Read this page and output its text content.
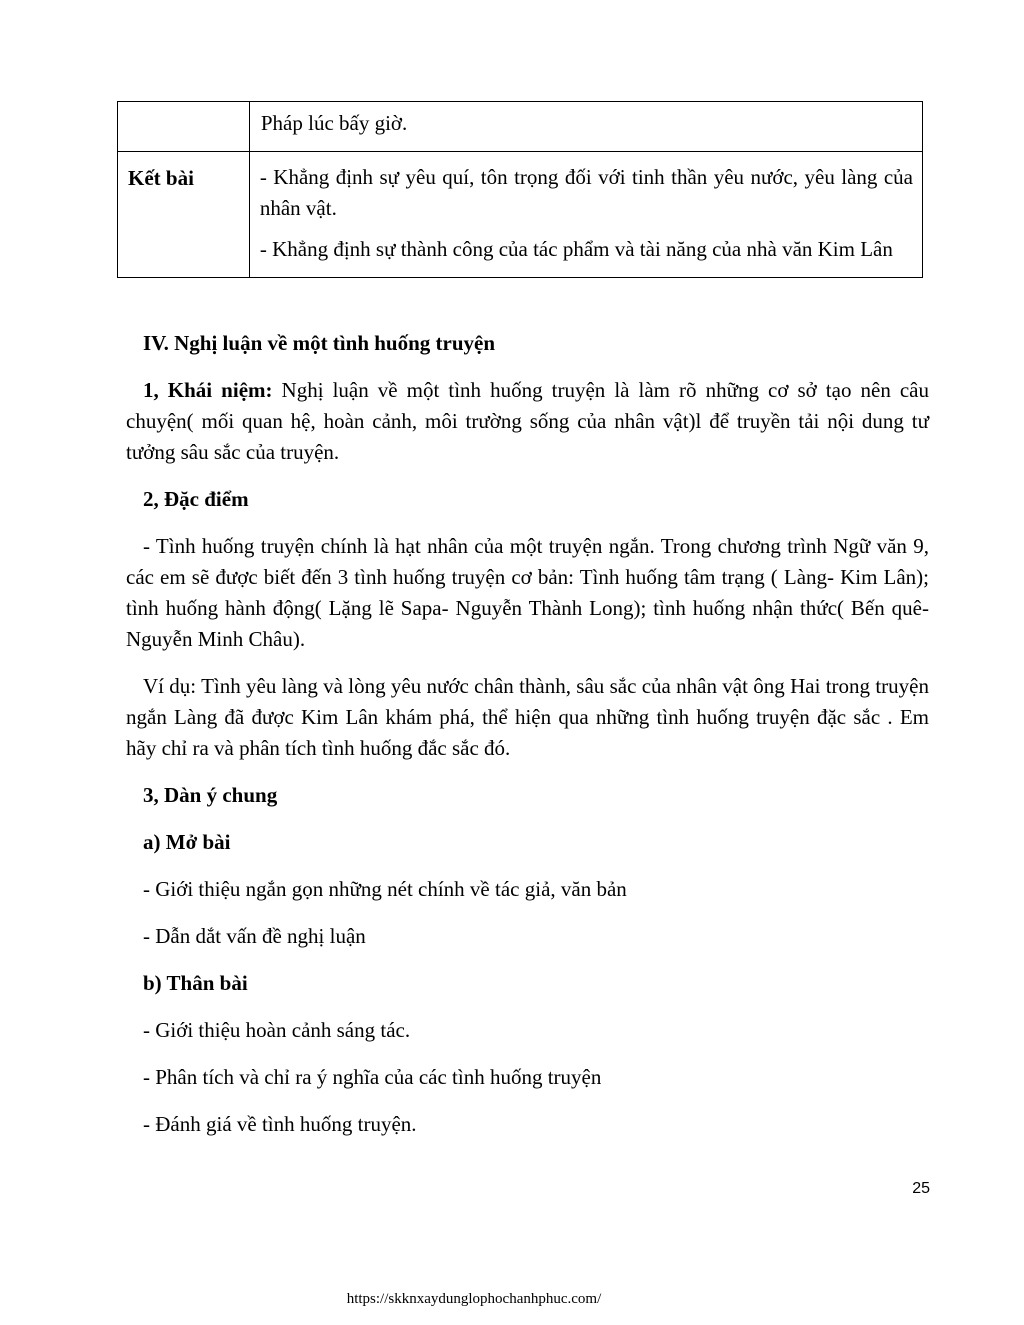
	Pháp lúc bấy giờ.

Kết bài	- Khẳng định sự yêu quí, tôn trọng đối với tinh thần yêu nước, yêu làng của nhân vật.

- Khẳng định sự thành công của tác phẩm và tài năng của nhà văn Kim Lân

IV. Nghị luận về một tình huống truyện

1, Khái niệm: Nghị luận về một tình huống truyện là làm rõ những cơ sở tạo nên câu chuyện( mối quan hệ, hoàn cảnh, môi trường sống của nhân vật)l để truyền tải nội dung tư tưởng sâu sắc của truyện.

2, Đặc điểm

- Tình huống truyện chính là hạt nhân của một truyện ngắn. Trong chương trình Ngữ văn 9, các em sẽ được biết đến 3 tình huống truyện cơ bản: Tình huống tâm trạng ( Làng- Kim Lân); tình huống hành động( Lặng lẽ Sapa- Nguyễn Thành Long); tình huống nhận thức( Bến quê- Nguyễn Minh Châu).

Ví dụ: Tình yêu làng và lòng yêu nước chân thành, sâu sắc của nhân vật ông Hai trong truyện ngắn Làng đã được Kim Lân khám phá, thể hiện qua những tình huống truyện đặc sắc . Em hãy chỉ ra và phân tích tình huống đắc sắc đó.

3, Dàn ý chung

a) Mở bài

- Giới thiệu ngắn gọn những nét chính về tác giả, văn bản

- Dẫn dắt vấn đề nghị luận

b) Thân bài

- Giới thiệu hoàn cảnh sáng tác.

- Phân tích và chỉ ra ý nghĩa của các tình huống truyện

- Đánh giá về tình huống truyện.

25
https://skknxaydunglophochanhphuc.com/
